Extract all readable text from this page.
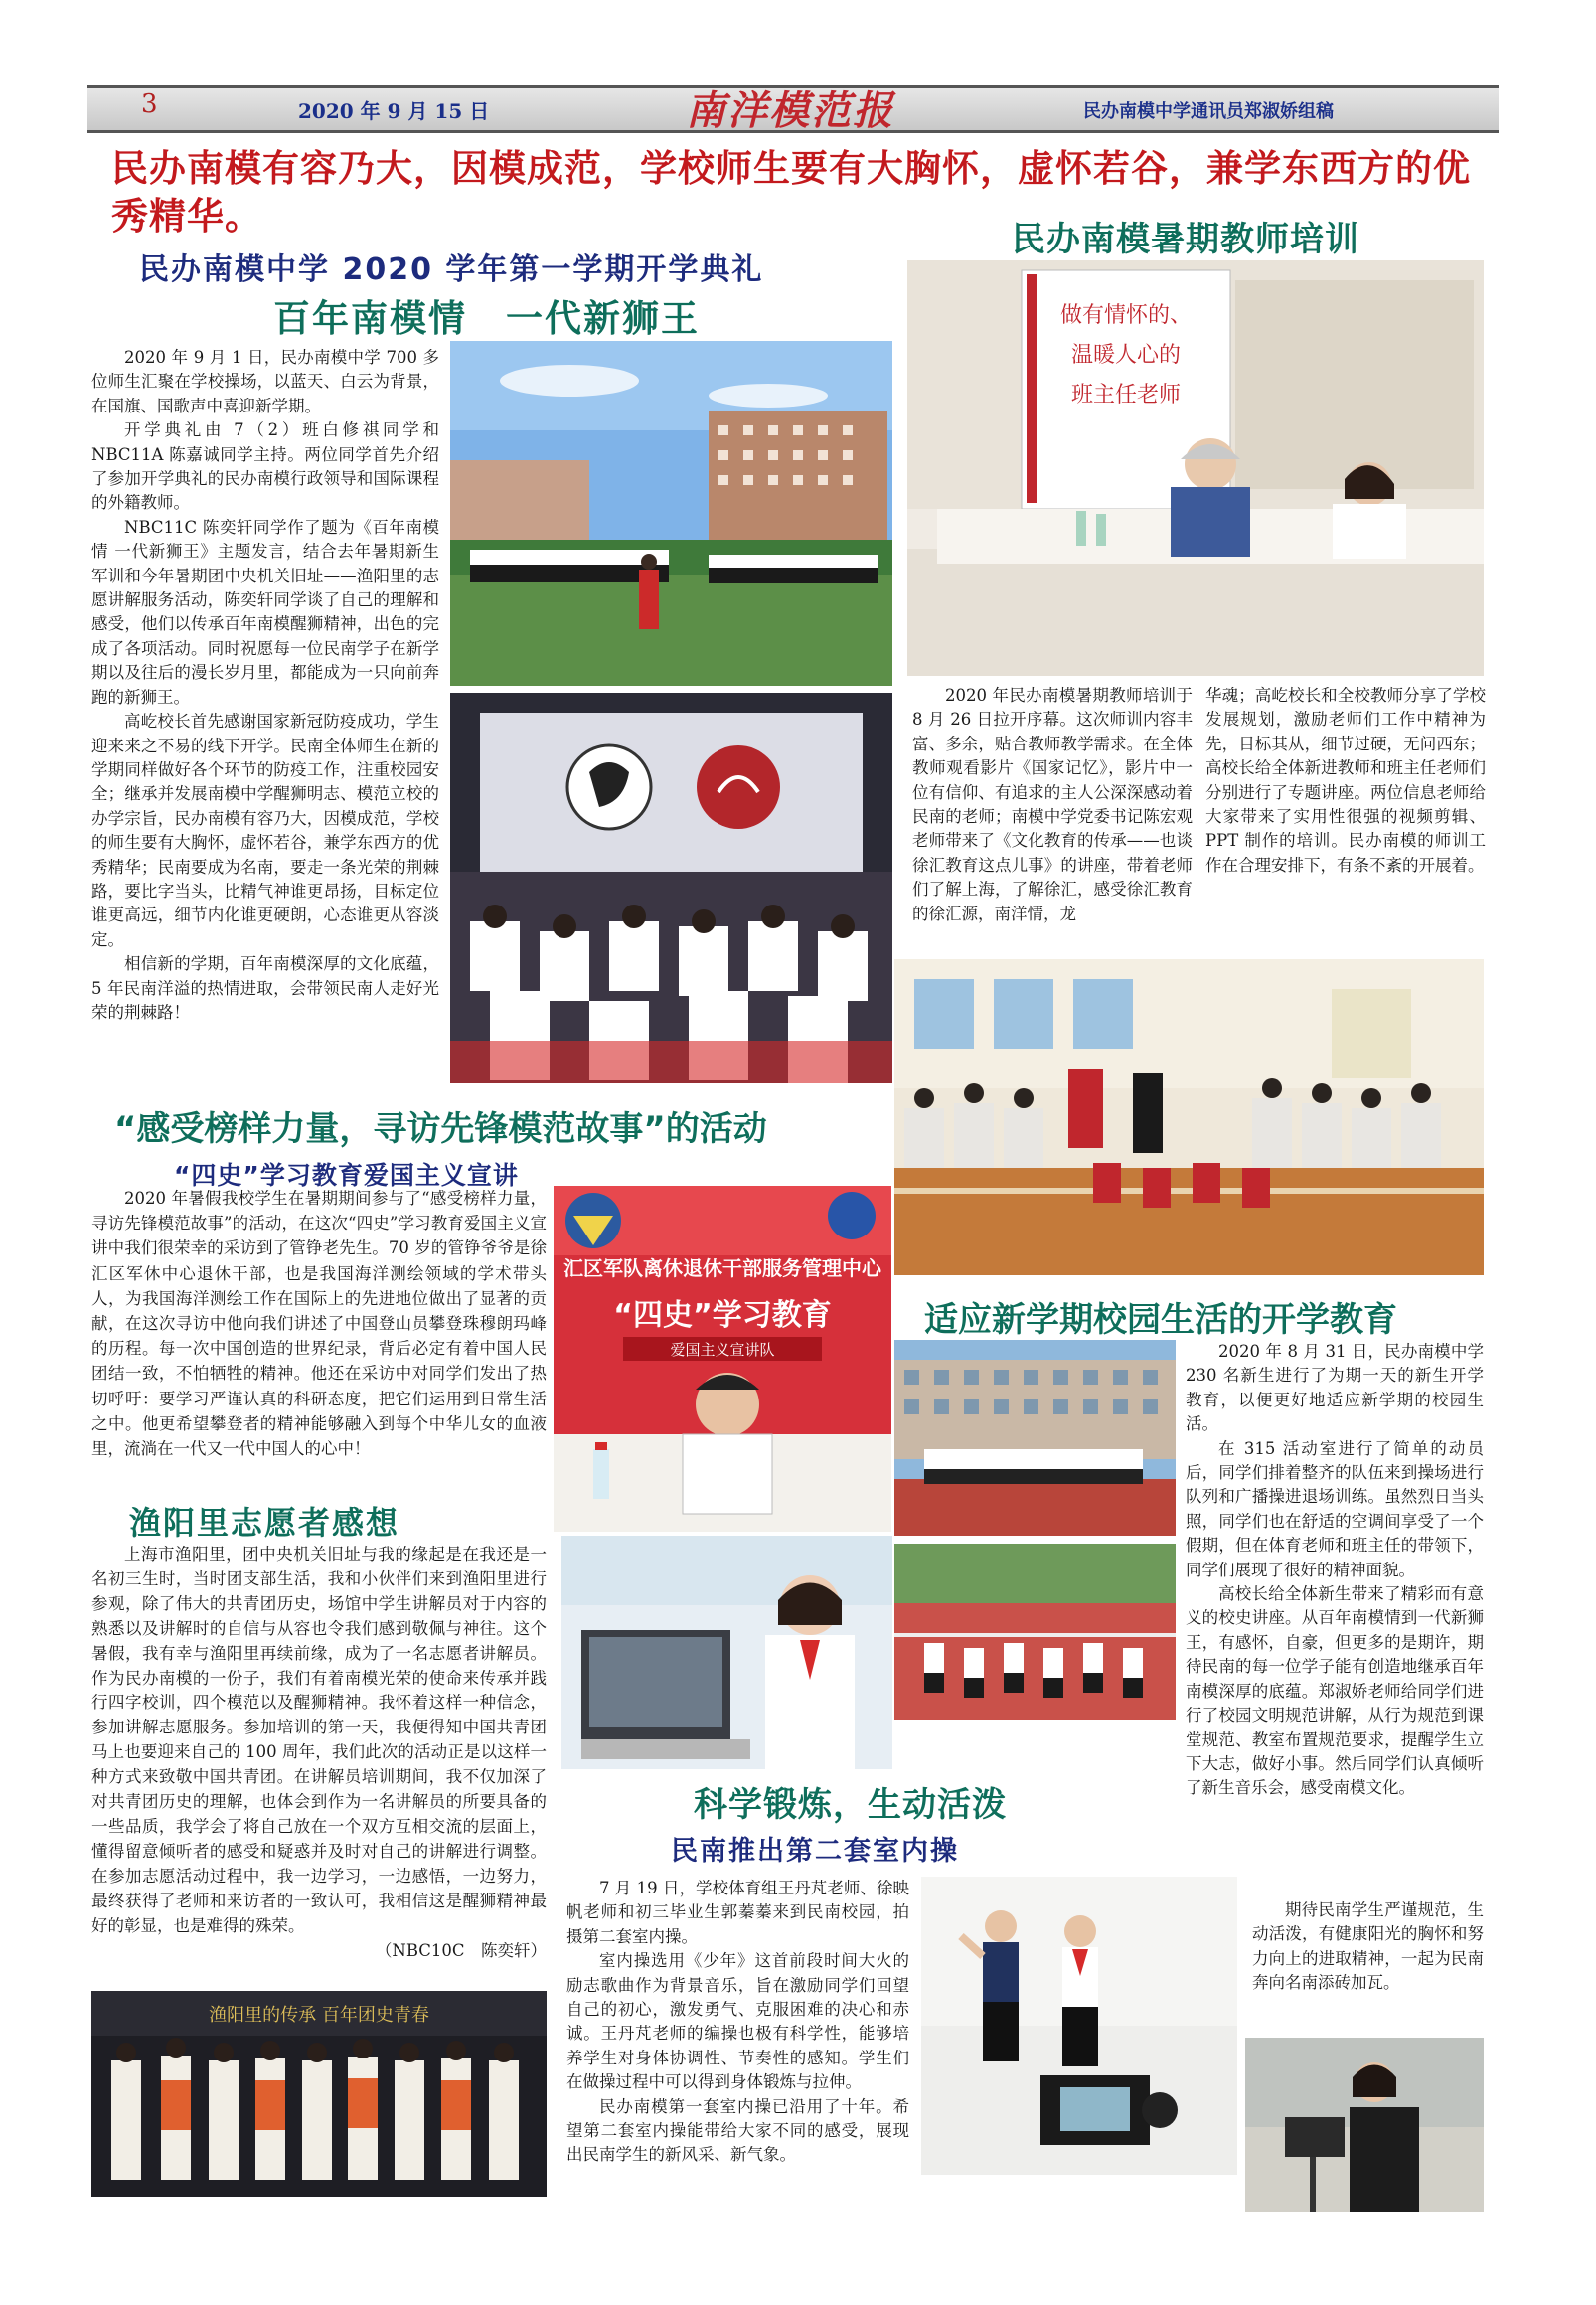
3	2020 年 9 月 15 日	南洋模范报	民办南模中学通讯员郑淑娇组稿
民办南模有容乃大，因模成范，学校师生要有大胸怀，虚怀若谷，兼学东西方的优秀精华。
民办南模中学 2020 学年第一学期开学典礼
百年南模情　一代新狮王

2020 年 9 月 1 日，民办南模中学 700 多位师生汇聚在学校操场，以蓝天、白云为背景，在国旗、国歌声中喜迎新学期。

开学典礼由 7（2）班白修祺同学和 NBC11A 陈嘉诚同学主持。两位同学首先介绍了参加开学典礼的民办南模行政领导和国际课程的外籍教师。

NBC11C 陈奕轩同学作了题为《百年南模情 一代新狮王》主题发言，结合去年暑期新生军训和今年暑期团中央机关旧址——渔阳里的志愿讲解服务活动，陈奕轩同学谈了自己的理解和感受，他们以传承百年南模醒狮精神，出色的完成了各项活动。同时祝愿每一位民南学子在新学期以及往后的漫长岁月里，都能成为一只向前奔跑的新狮王。

高屹校长首先感谢国家新冠防疫成功，学生迎来来之不易的线下开学。民南全体师生在新的学期同样做好各个环节的防疫工作，注重校园安全；继承并发展南模中学醒狮明志、模范立校的办学宗旨，民办南模有容乃大，因模成范，学校的师生要有大胸怀，虚怀若谷，兼学东西方的优秀精华；民南要成为名南，要走一条光荣的荆棘路，要比字当头，比精气神谁更昂扬，目标定位谁更高远，细节内化谁更硬朗，心态谁更从容淡定。

相信新的学期，百年南模深厚的文化底蕴，5 年民南洋溢的热情进取，会带领民南人走好光荣的荆棘路！

民办南模暑期教师培训
做有情怀的、
温暖人心的
班主任老师

2020 年民办南模暑期教师培训于 8 月 26 日拉开序幕。这次师训内容丰富、多余，贴合教师教学需求。在全体教师观看影片《国家记忆》，影片中一位有信仰、有追求的主人公深深感动着民南的老师；南模中学党委书记陈宏观老师带来了《文化教育的传承——也谈徐汇教育这点儿事》的讲座，带着老师们了解上海，了解徐汇，感受徐汇教育的徐汇源，南洋情，龙

华魂；高屹校长和全校教师分享了学校发展规划，激励老师们工作中精神为先，目标其从，细节过硬，无问西东；高校长给全体新进教师和班主任老师们分别进行了专题讲座。两位信息老师给大家带来了实用性很强的视频剪辑、PPT 制作的培训。民办南模的师训工作在合理安排下，有条不紊的开展着。

“感受榜样力量，寻访先锋模范故事”的活动
“四史”学习教育爱国主义宣讲

2020 年暑假我校学生在暑期期间参与了“感受榜样力量，寻访先锋模范故事”的活动，在这次“四史”学习教育爱国主义宣讲中我们很荣幸的采访到了管铮老先生。70 岁的管铮爷爷是徐汇区军休中心退休干部，也是我国海洋测绘领域的学术带头人，为我国海洋测绘工作在国际上的先进地位做出了显著的贡献，在这次寻访中他向我们讲述了中国登山员攀登珠穆朗玛峰的历程。每一次中国创造的世界纪录，背后必定有着中国人民团结一致，不怕牺牲的精神。他还在采访中对同学们发出了热切呼吁：要学习严谨认真的科研态度，把它们运用到日常生活之中。他更希望攀登者的精神能够融入到每个中华儿女的血液里，流淌在一代又一代中国人的心中！

汇区军队离休退休干部服务管理中心
“四史”学习教育
爱国主义宣讲队
渔阳里志愿者感想

上海市渔阳里，团中央机关旧址与我的缘起是在我还是一名初三生时，当时团支部生活，我和小伙伴们来到渔阳里进行参观，除了伟大的共青团历史，场馆中学生讲解员对于内容的熟悉以及讲解时的自信与从容也令我们感到敬佩与神往。这个暑假，我有幸与渔阳里再续前缘，成为了一名志愿者讲解员。作为民办南模的一份子，我们有着南模光荣的使命来传承并践行四字校训，四个模范以及醒狮精神。我怀着这样一种信念，参加讲解志愿服务。参加培训的第一天，我便得知中国共青团马上也要迎来自己的 100 周年，我们此次的活动正是以这样一种方式来致敬中国共青团。在讲解员培训期间，我不仅加深了对共青团历史的理解，也体会到作为一名讲解员的所要具备的一些品质，我学会了将自己放在一个双方互相交流的层面上，懂得留意倾听者的感受和疑惑并及时对自己的讲解进行调整。在参加志愿活动过程中，我一边学习，一边感悟，一边努力，最终获得了老师和来访者的一致认可，我相信这是醒狮精神最好的彰显，也是难得的殊荣。

（NBC10C　陈奕轩）
渔阳里的传承 百年团史青春
适应新学期校园生活的开学教育

2020 年 8 月 31 日，民办南模中学 230 名新生进行了为期一天的新生开学教育，以便更好地适应新学期的校园生活。

在 315 活动室进行了简单的动员后，同学们排着整齐的队伍来到操场进行队列和广播操进退场训练。虽然烈日当头照，同学们也在舒适的空调间享受了一个假期，但在体育老师和班主任的带领下，同学们展现了很好的精神面貌。

高校长给全体新生带来了精彩而有意义的校史讲座。从百年南模情到一代新狮王，有感怀，自豪，但更多的是期许，期待民南的每一位学子能有创造地继承百年南模深厚的底蕴。郑淑娇老师给同学们进行了校园文明规范讲解，从行为规范到课堂规范、教室布置规范要求，提醒学生立下大志，做好小事。然后同学们认真倾听了新生音乐会，感受南模文化。

期待民南学生严谨规范，生动活泼，有健康阳光的胸怀和努力向上的进取精神，一起为民南奔向名南添砖加瓦。

科学锻炼，生动活泼
民南推出第二套室内操

7 月 19 日，学校体育组王丹芃老师、徐映帆老师和初三毕业生郭蓁蓁来到民南校园，拍摄第二套室内操。

室内操选用《少年》这首前段时间大火的励志歌曲作为背景音乐，旨在激励同学们回望自己的初心，激发勇气、克服困难的决心和赤诚。王丹芃老师的编操也极有科学性，能够培养学生对身体协调性、节奏性的感知。学生们在做操过程中可以得到身体锻炼与拉伸。

民办南模第一套室内操已沿用了十年。希望第二套室内操能带给大家不同的感受，展现出民南学生的新风采、新气象。
